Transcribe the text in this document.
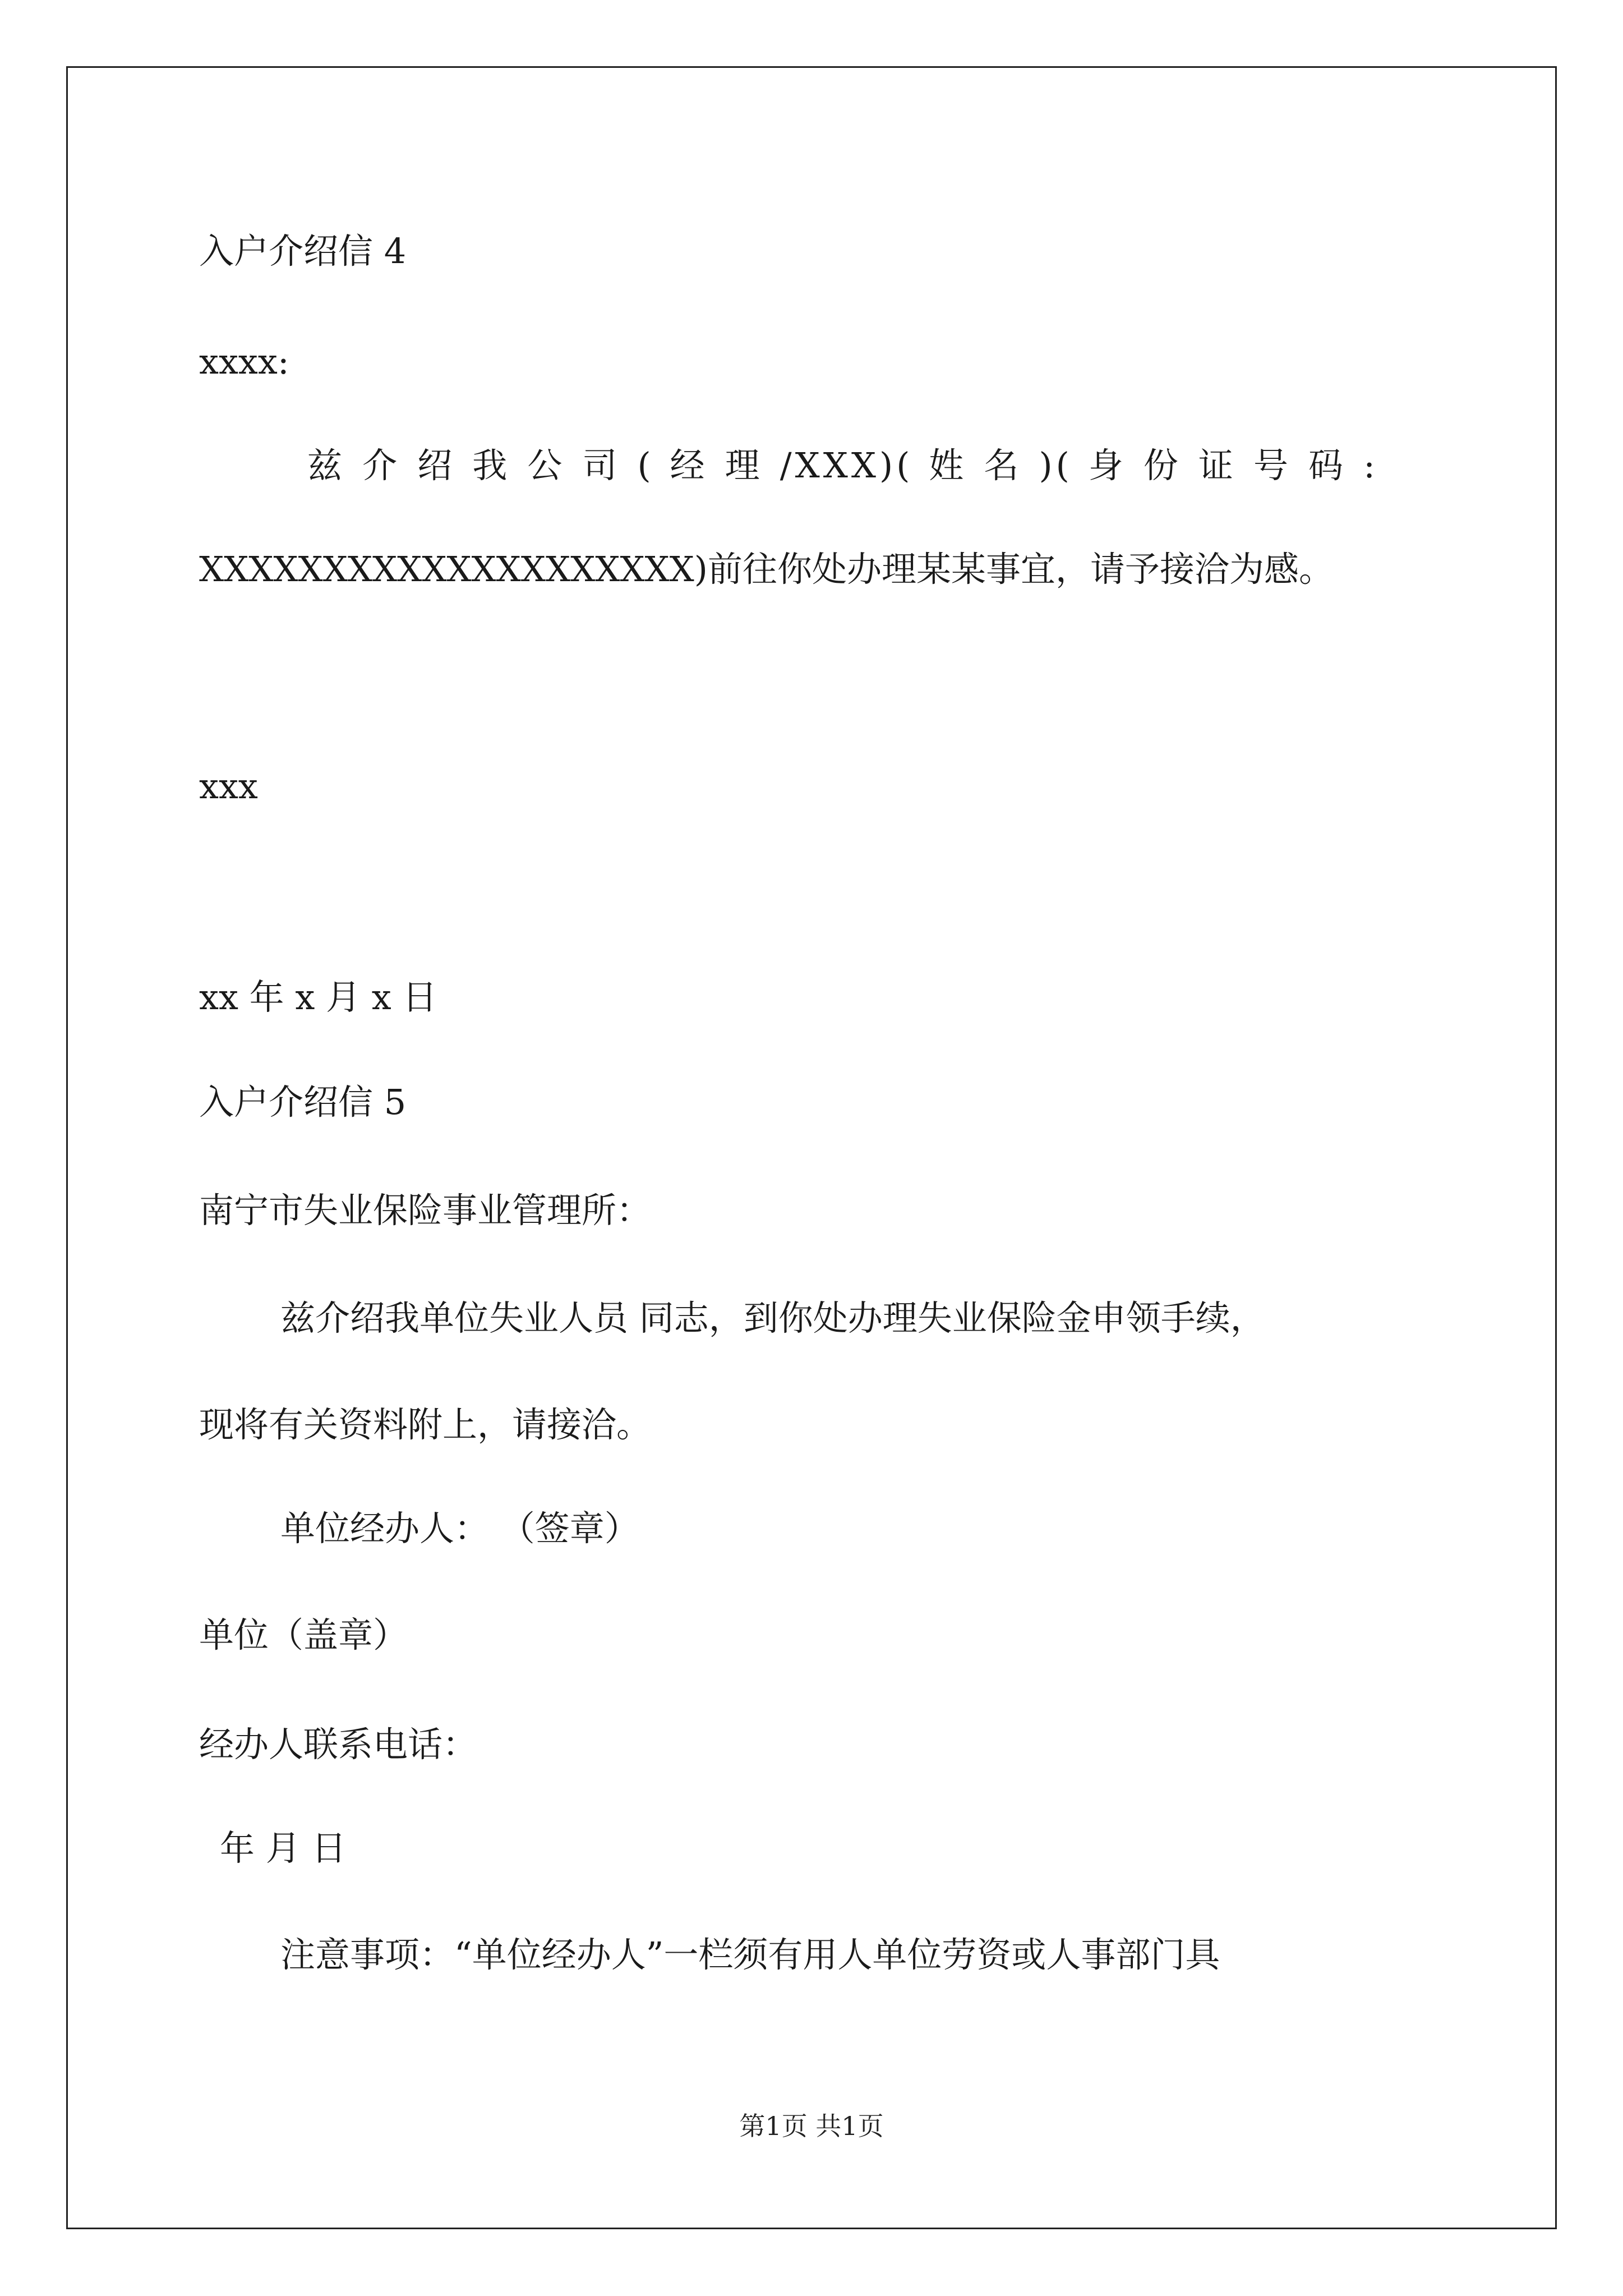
入户介绍信 4

xxxx:

兹 介 绍 我 公 司 ( 经 理 /XXX)( 姓 名 )( 身 份 证 号 码 :

XXXXXXXXXXXXXXXXXXXX)前往你处办理某某事宜，请予接洽为感。

xxx

xx 年 x 月 x 日

入户介绍信 5

南宁市失业保险事业管理所：

兹介绍我单位失业人员 同志，到你处办理失业保险金申领手续，

现将有关资料附上，请接洽。

单位经办人： （签章）

单位（盖章）

经办人联系电话：

年 月 日

注意事项：“单位经办人”一栏须有用人单位劳资或人事部门具

第1页 共1页
